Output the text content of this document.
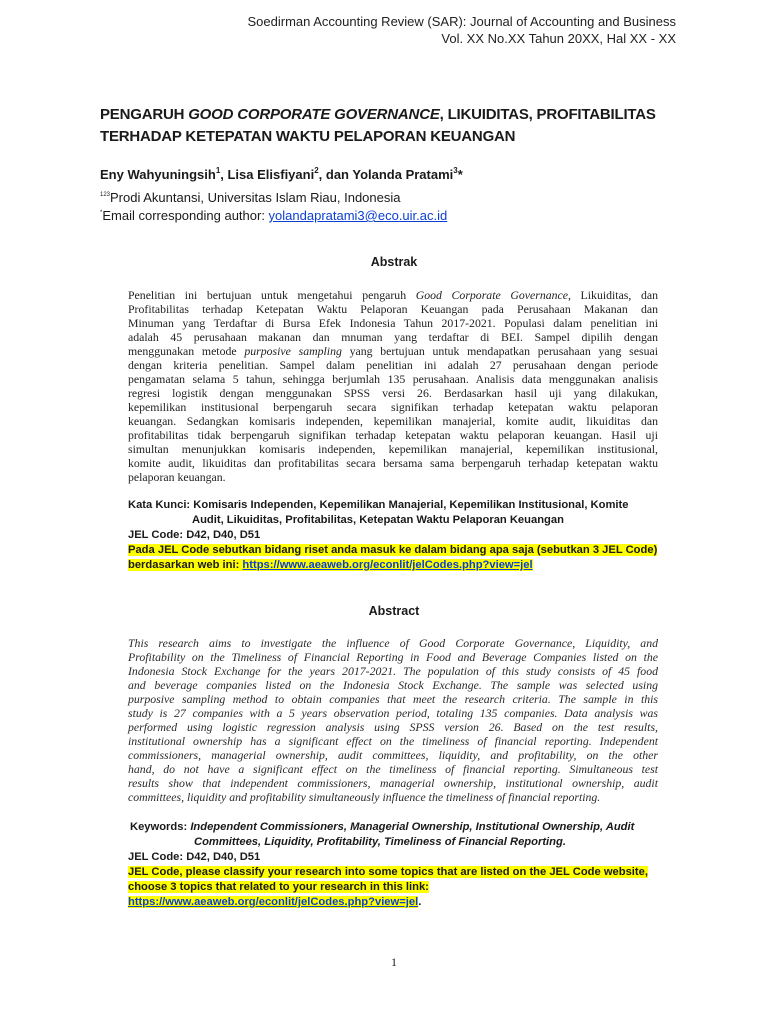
Soedirman Accounting Review (SAR): Journal of Accounting and Business
Vol. XX No.XX Tahun 20XX, Hal XX - XX
PENGARUH GOOD CORPORATE GOVERNANCE, LIKUIDITAS, PROFITABILITAS TERHADAP KETEPATAN WAKTU PELAPORAN KEUANGAN
Eny Wahyuningsih$^1$, Lisa Elisfiyani$^2$, dan Yolanda Pratami$^3$*
$^{123}$Prodi Akuntansi, Universitas Islam Riau, Indonesia
*Email corresponding author: yolandapratami3@eco.uir.ac.id
Abstrak
Penelitian ini bertujuan untuk mengetahui pengaruh Good Corporate Governance, Likuiditas, dan
Profitabilitas terhadap Ketepatan Waktu Pelaporan Keuangan pada Perusahaan Makanan dan
Minuman yang Terdaftar di Bursa Efek Indonesia Tahun 2017-2021. Populasi dalam penelitian ini
adalah 45 perusahaan makanan dan mnuman yang terdaftar di BEI. Sampel dipilih dengan
menggunakan metode purposive sampling yang bertujuan untuk mendapatkan perusahaan yang sesuai
dengan kriteria penelitian. Sampel dalam penelitian ini adalah 27 perusahaan dengan periode
pengamatan selama 5 tahun, sehingga berjumlah 135 perusahaan. Analisis data menggunakan analisis
regresi logistik dengan menggunakan SPSS versi 26. Berdasarkan hasil uji yang dilakukan,
kepemilikan institusional berpengaruh secara signifikan terhadap ketepatan waktu pelaporan
keuangan. Sedangkan komisaris independen, kepemilikan manajerial, komite audit, likuiditas dan
profitabilitas tidak berpengaruh signifikan terhadap ketepatan waktu pelaporan keuangan. Hasil uji
simultan menunjukkan komisaris independen, kepemilikan manajerial, kepemilikan institusional,
komite audit, likuiditas dan profitabilitas secara bersama sama berpengaruh terhadap ketepatan waktu
pelaporan keuangan.
Kata Kunci: Komisaris Independen, Kepemilikan Manajerial, Kepemilikan Institusional, Komite
Audit, Likuiditas, Profitabilitas, Ketepatan Waktu Pelaporan Keuangan
JEL Code: D42, D40, D51
Pada JEL Code sebutkan bidang riset anda masuk ke dalam bidang apa saja (sebutkan 3 JEL Code)
berdasarkan web ini: https://www.aeaweb.org/econlit/jelCodes.php?view=jel
Abstract
This research aims to investigate the influence of Good Corporate Governance, Liquidity, and
Profitability on the Timeliness of Financial Reporting in Food and Beverage Companies listed on the
Indonesia Stock Exchange for the years 2017-2021. The population of this study consists of 45 food
and beverage companies listed on the Indonesia Stock Exchange. The sample was selected using
purposive sampling method to obtain companies that meet the research criteria. The sample in this
study is 27 companies with a 5 years observation period, totaling 135 companies. Data analysis was
performed using logistic regression analysis using SPSS version 26. Based on the test results,
institutional ownership has a significant effect on the timeliness of financial reporting. Independent
commissioners, managerial ownership, audit committees, liquidity, and profitability, on the other
hand, do not have a significant effect on the timeliness of financial reporting. Simultaneous test
results show that independent commissioners, managerial ownership, institutional ownership, audit
committees, liquidity and profitability simultaneously influence the timeliness of financial reporting.
Keywords: Independent Commissioners, Managerial Ownership, Institutional Ownership, Audit
Committees, Liquidity, Profitability, Timeliness of Financial Reporting.
JEL Code: D42, D40, D51
JEL Code, please classify your research into some topics that are listed on the JEL Code website,
choose 3 topics that related to your research in this link:
https://www.aeaweb.org/econlit/jelCodes.php?view=jel.
1
